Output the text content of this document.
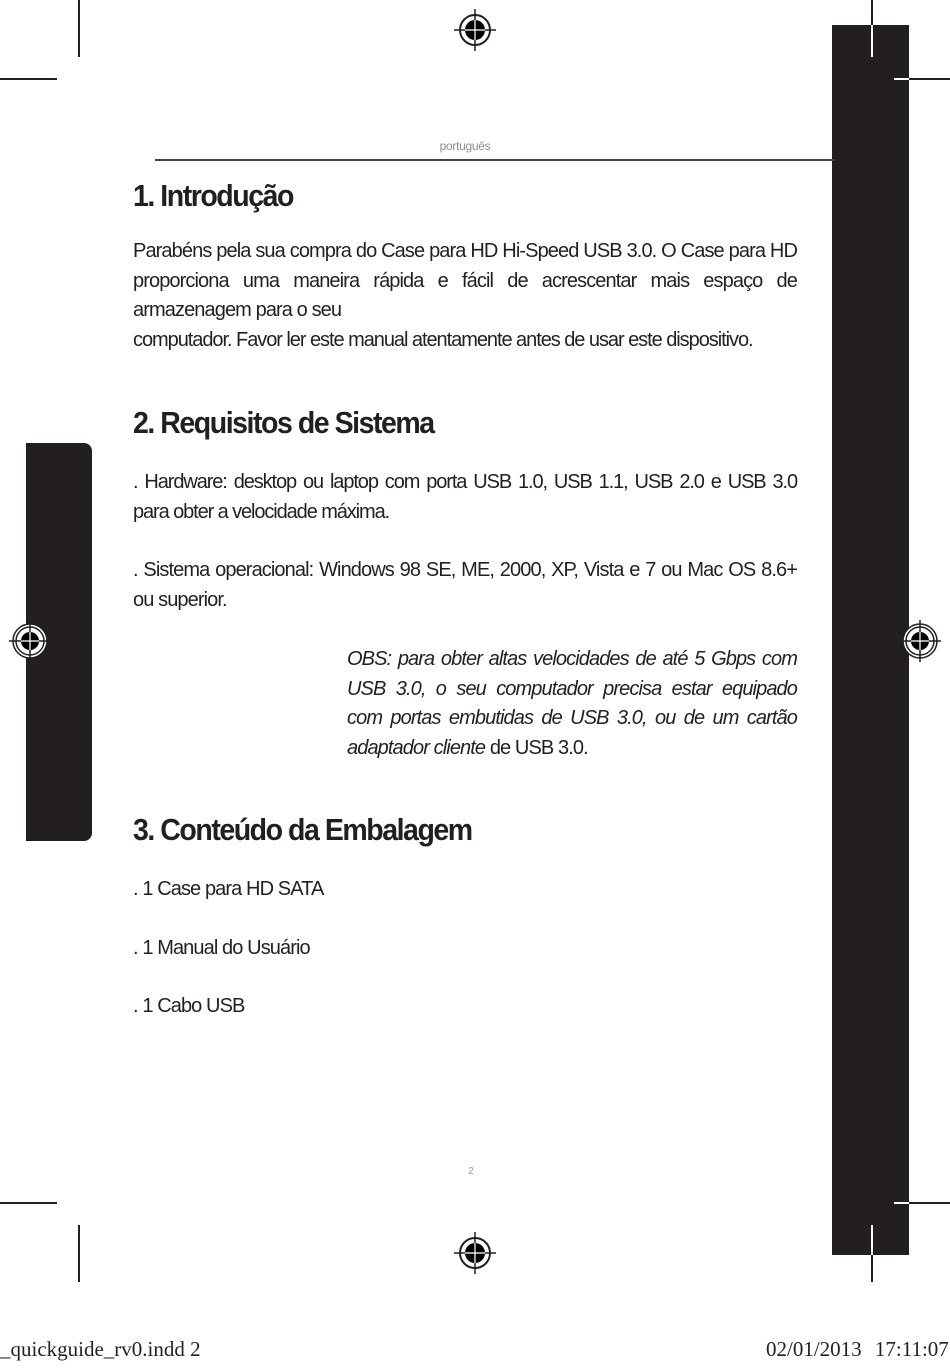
português
1. Introdução

Parabéns pela sua compra do Case para HD Hi-Speed USB 3.0. O Case para HD proporciona uma maneira rápida e fácil de acrescentar mais espaço de armazenagem para o seu

computador. Favor ler este manual atentamente antes de usar este dispositivo.

2. Requisitos de Sistema

. Hardware: desktop ou laptop com porta USB 1.0, USB 1.1, USB 2.0 e USB 3.0 para obter a velocidade máxima.

. Sistema operacional: Windows 98 SE, ME, 2000, XP, Vista e 7 ou Mac OS 8.6+ ou superior.

OBS: para obter altas velocidades de até 5 Gbps com USB 3.0, o seu computador precisa estar equipado com portas embutidas de USB 3.0, ou de um cartão adaptador cliente de USB 3.0.

3. Conteúdo da Embalagem

. 1 Case para HD SATA

. 1 Manual do Usuário

. 1 Cabo USB

2
_quickguide_rv0.indd 2	02/01/2013 17:11:07
